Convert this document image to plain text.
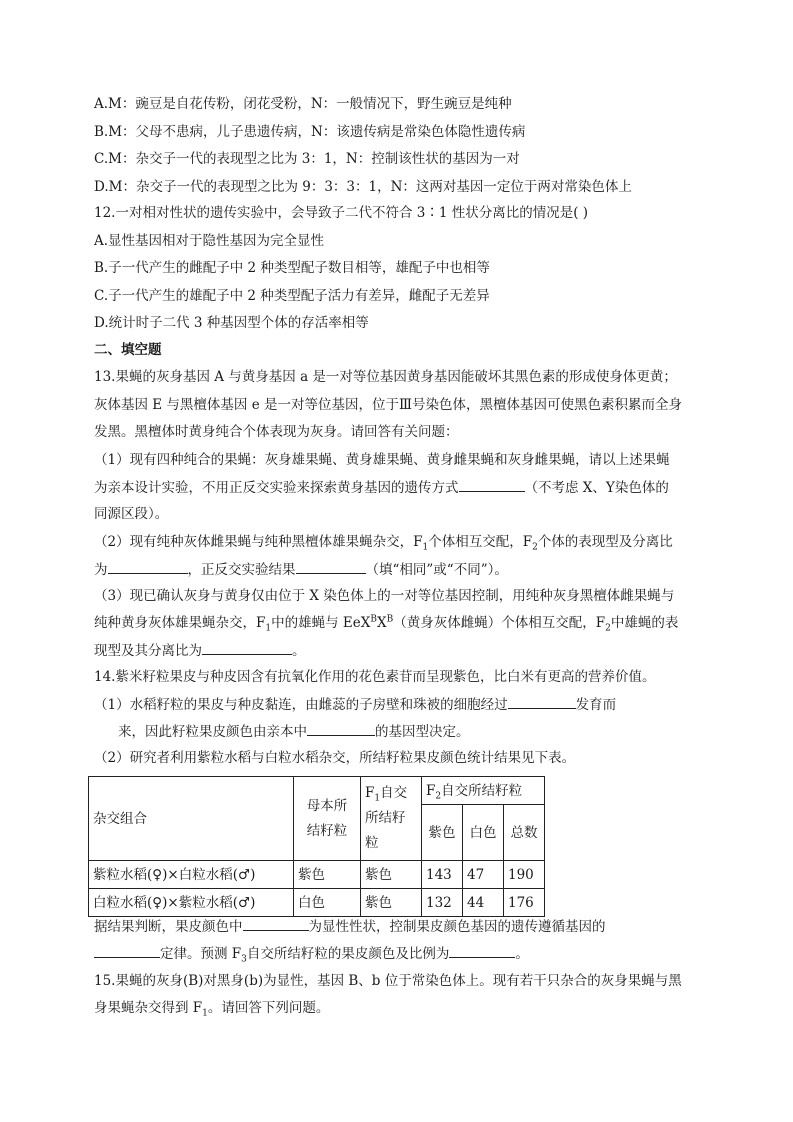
A.M：豌豆是自花传粉，闭花受粉，N：一般情况下，野生豌豆是纯种
B.M：父母不患病，儿子患遗传病，N：该遗传病是常染色体隐性遗传病
C.M：杂交子一代的表现型之比为 3：1，N：控制该性状的基因为一对
D.M：杂交子一代的表现型之比为 9：3：3：1，N：这两对基因一定位于两对常染色体上
12.一对相对性状的遗传实验中，会导致子二代不符合 3∶1 性状分离比的情况是( )
A.显性基因相对于隐性基因为完全显性
B.子一代产生的雌配子中 2 种类型配子数目相等，雄配子中也相等
C.子一代产生的雄配子中 2 种类型配子活力有差异，雌配子无差异
D.统计时子二代 3 种基因型个体的存活率相等
二、填空题
13.果蝇的灰身基因 A 与黄身基因 a 是一对等位基因黄身基因能破坏其黑色素的形成使身体更黄；
灰体基因 E 与黑檀体基因 e 是一对等位基因，位于Ⅲ号染色体，黑檀体基因可使黑色素积累而全身
发黑。黑檀体时黄身纯合个体表现为灰身。请回答有关问题：
（1）现有四种纯合的果蝇：灰身雄果蝇、黄身雄果蝇、黄身雌果蝇和灰身雌果蝇，请以上述果蝇
为亲本设计实验，不用正反交实验来探索黄身基因的遗传方式	（不考虑 X、Y染色体的
同源区段）。
（2）现有纯种灰体雌果蝇与纯种黑檀体雄果蝇杂交，$F_1$个体相互交配，$F_2$个体的表现型及分离比
为	，正反交实验结果	（填“相同”或“不同”）。
（3）现已确认灰身与黄身仅由位于 X 染色体上的一对等位基因控制，用纯种灰身黑檀体雌果蝇与
纯种黄身灰体雄果蝇杂交，$F_1$中的雄蝇与 $EeX^BX^B$（黄身灰体雌蝇）个体相互交配，$F_2$中雄蝇的表
现型及其分离比为	。
14.紫米籽粒果皮与种皮因含有抗氧化作用的花色素苷而呈现紫色，比白米有更高的营养价值。
（1）水稻籽粒的果皮与种皮黏连，由雌蕊的子房壁和珠被的细胞经过	发育而
来，因此籽粒果皮颜色由亲本中	的基因型决定。
（2）研究者利用紫粒水稻与白粒水稻杂交，所结籽粒果皮颜色统计结果见下表。
杂交组合	母本所
结籽粒	$F_1$自交
所结籽
粒	$F_2$自交所结籽粒		
			紫色	白色	总数
紫粒水稻(♀)×白粒水稻(♂)	紫色	紫色	143	47	190
白粒水稻(♀)×紫粒水稻(♂)	白色	紫色	132	44	176
据结果判断，果皮颜色中	为显性性状，控制果皮颜色基因的遗传遵循基因的
定律。预测 $F_3$自交所结籽粒的果皮颜色及比例为	。
15.果蝇的灰身(B)对黑身(b)为显性，基因 B、b 位于常染色体上。现有若干只杂合的灰身果蝇与黑
身果蝇杂交得到 $F_1$。请回答下列问题。
